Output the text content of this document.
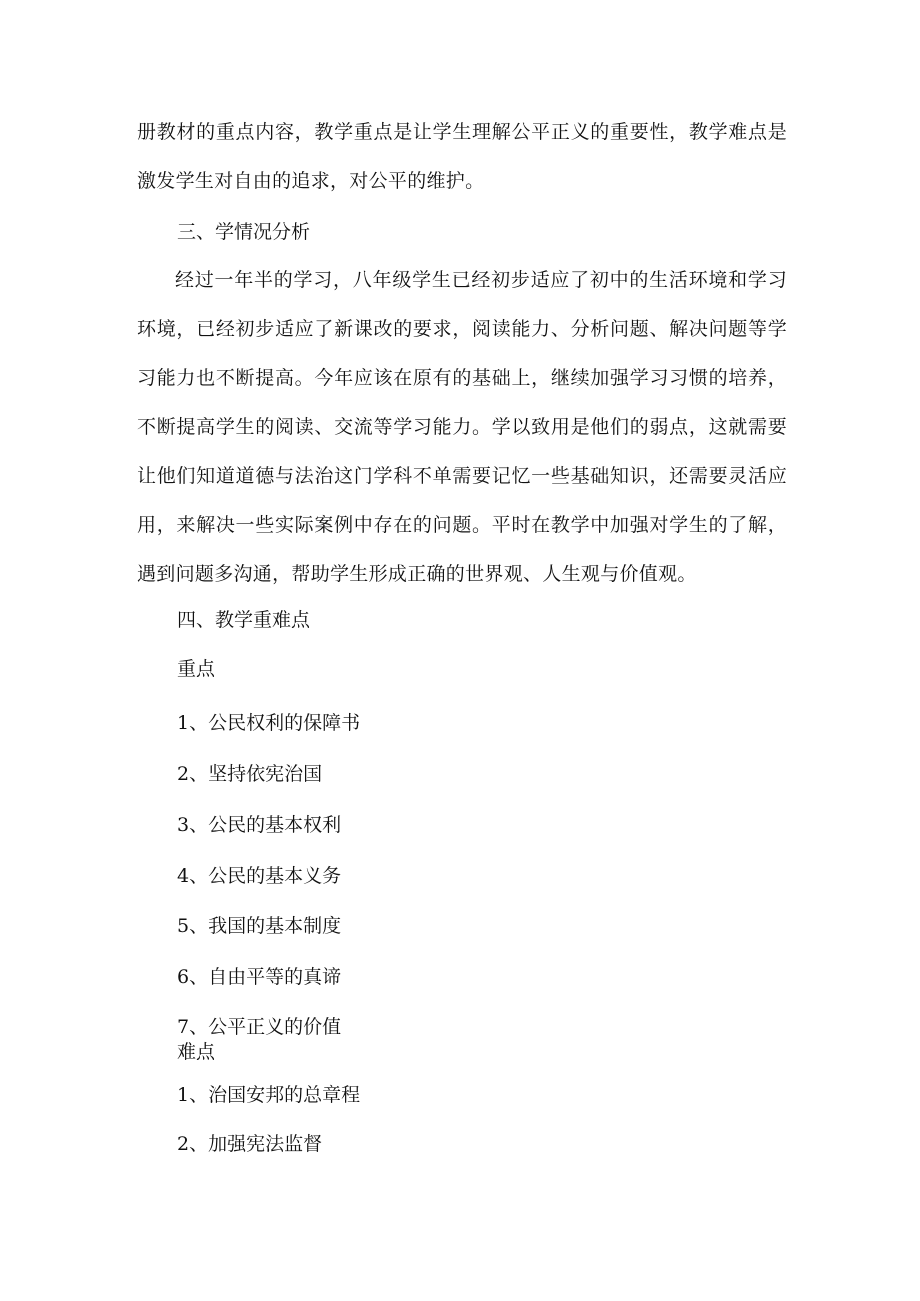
册教材的重点内容，教学重点是让学生理解公平正义的重要性，教学难点是激发学生对自由的追求，对公平的维护。

三、学情况分析

经过一年半的学习，八年级学生已经初步适应了初中的生活环境和学习环境，已经初步适应了新课改的要求，阅读能力、分析问题、解决问题等学习能力也不断提高。今年应该在原有的基础上，继续加强学习习惯的培养，不断提高学生的阅读、交流等学习能力。学以致用是他们的弱点，这就需要让他们知道道德与法治这门学科不单需要记忆一些基础知识，还需要灵活应用，来解决一些实际案例中存在的问题。平时在教学中加强对学生的了解，遇到问题多沟通，帮助学生形成正确的世界观、人生观与价值观。

四、教学重难点

重点

1、公民权利的保障书

2、坚持依宪治国

3、公民的基本权利

4、公民的基本义务

5、我国的基本制度

6、自由平等的真谛

7、公平正义的价值

难点

1、治国安邦的总章程

2、加强宪法监督
